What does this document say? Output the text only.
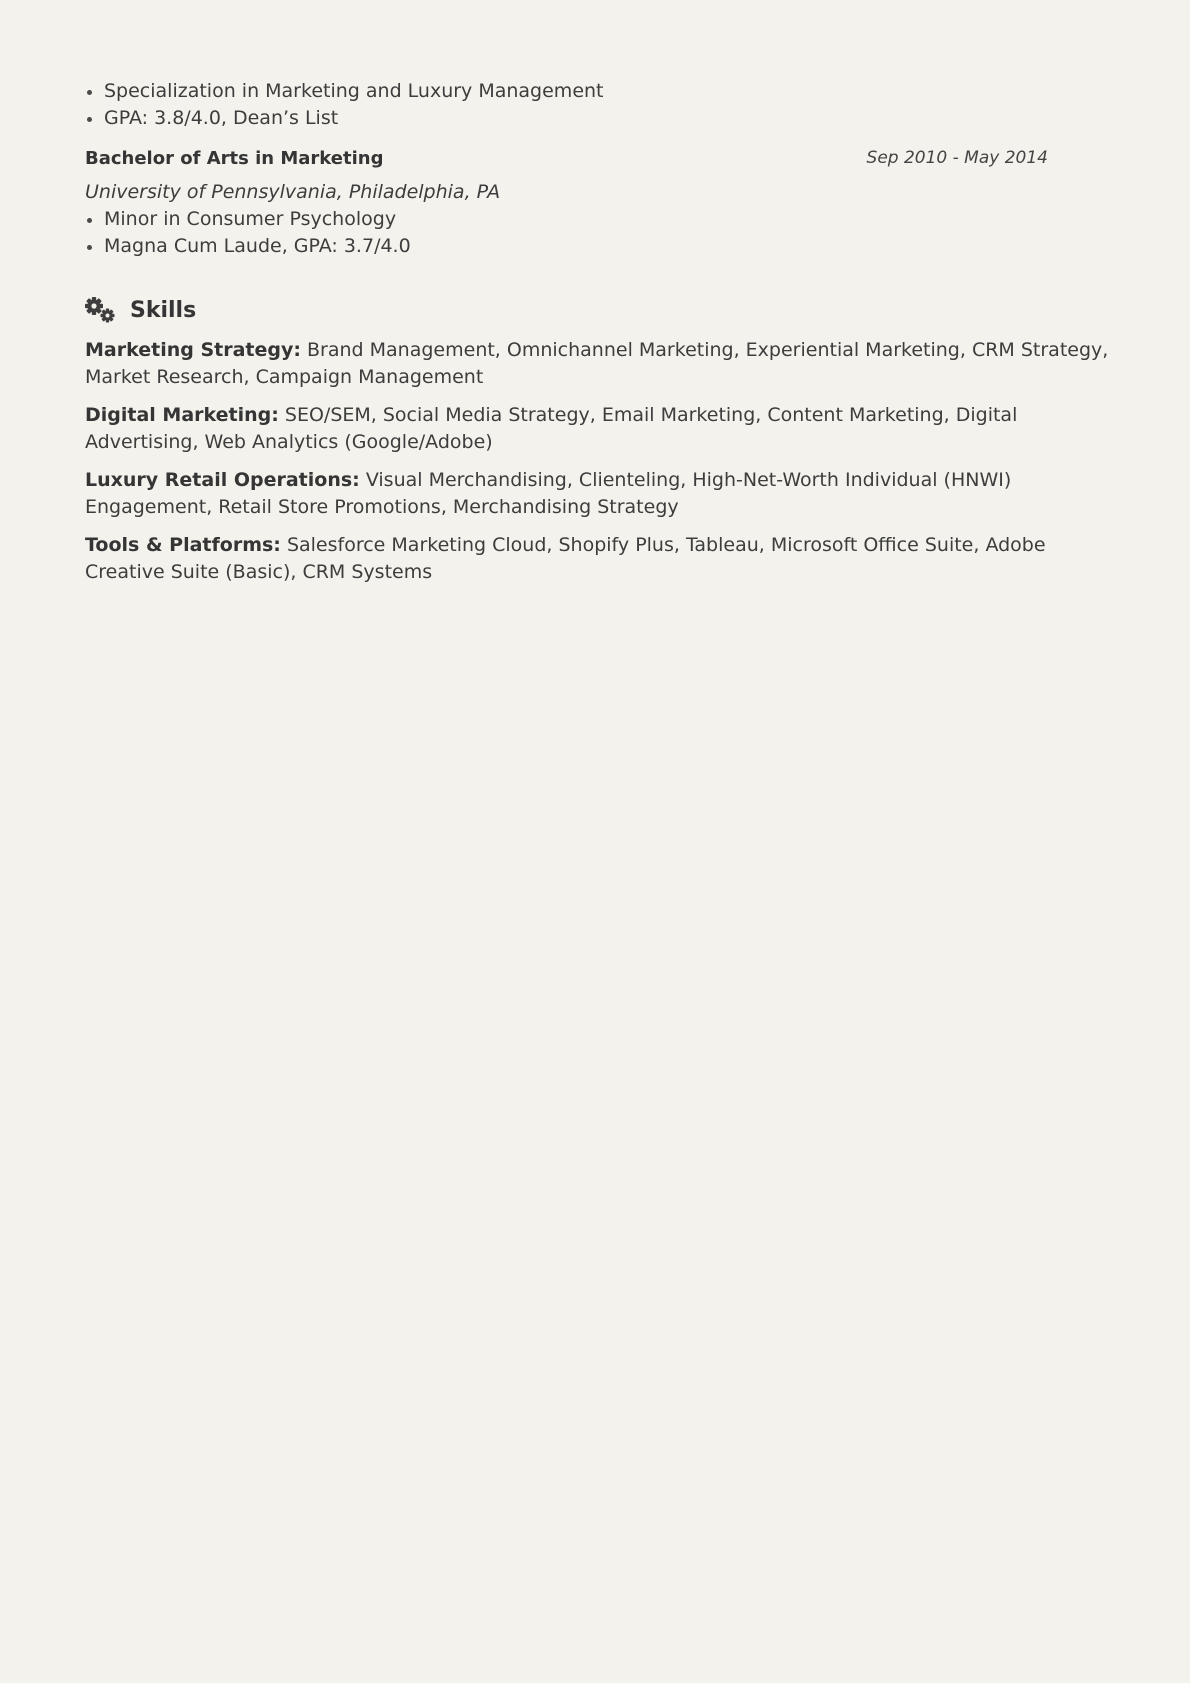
Specialization in Marketing and Luxury Management
GPA: 3.8/4.0, Dean’s List
Bachelor of Arts in Marketing	Sep 2010 - May 2014
University of Pennsylvania, Philadelphia, PA
Minor in Consumer Psychology
Magna Cum Laude, GPA: 3.7/4.0
Skills
Marketing Strategy: Brand Management, Omnichannel Marketing, Experiential Marketing, CRM Strategy, Market Research, Campaign Management
Digital Marketing: SEO/SEM, Social Media Strategy, Email Marketing, Content Marketing, Digital Advertising, Web Analytics (Google/Adobe)
Luxury Retail Operations: Visual Merchandising, Clienteling, High-Net-Worth Individual (HNWI) Engagement, Retail Store Promotions, Merchandising Strategy
Tools & Platforms: Salesforce Marketing Cloud, Shopify Plus, Tableau, Microsoft Office Suite, Adobe Creative Suite (Basic), CRM Systems
